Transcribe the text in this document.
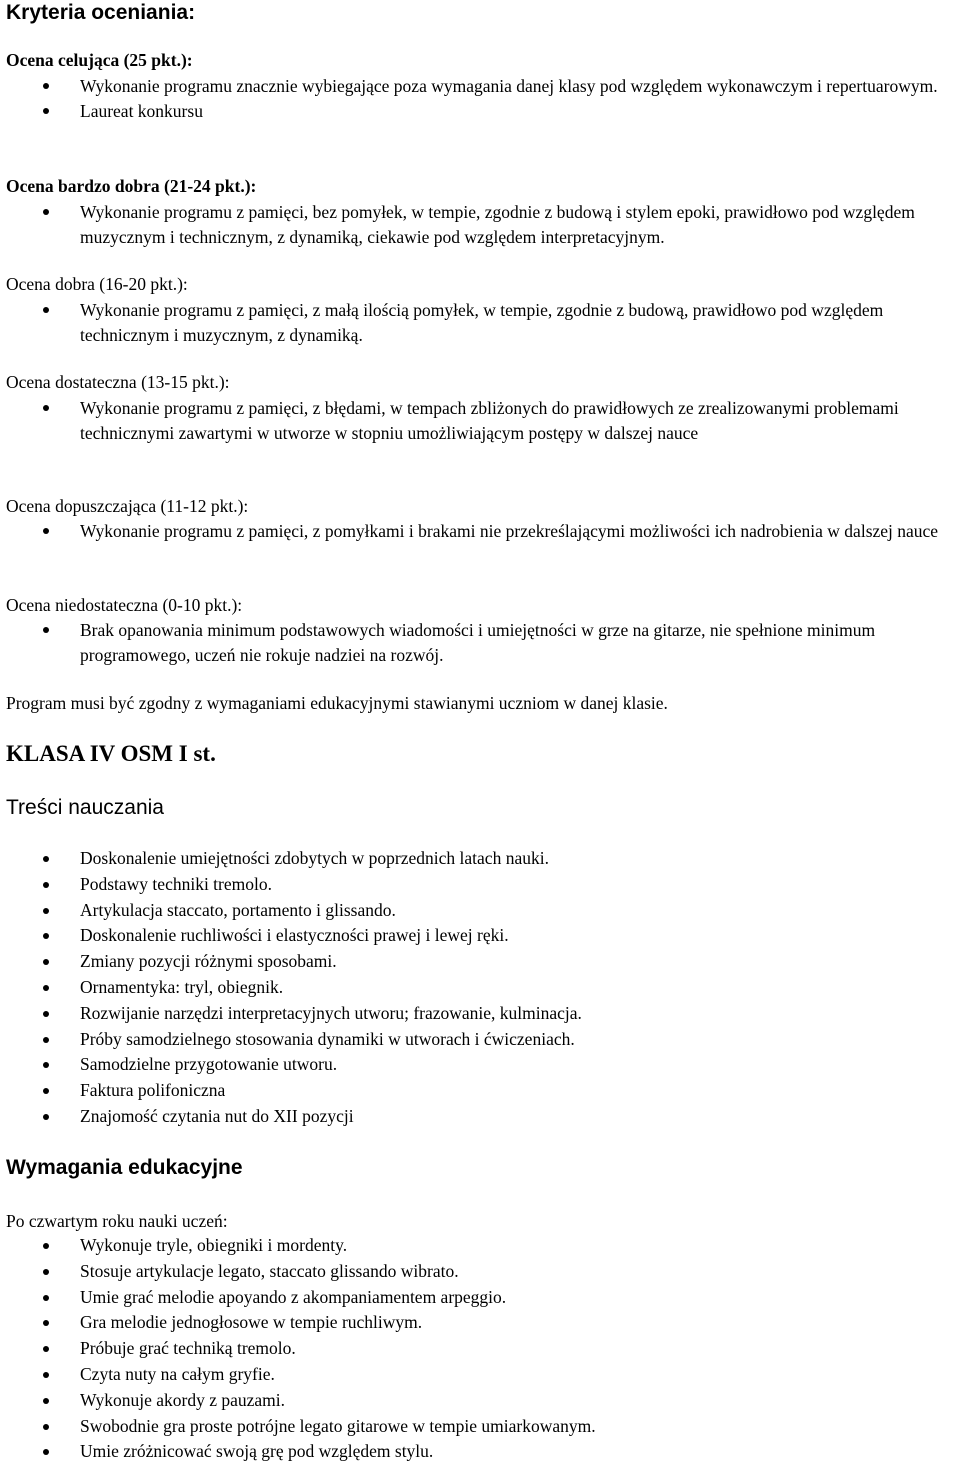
Kryteria oceniania:
Ocena celująca (25 pkt.):
Wykonanie programu znacznie wybiegające poza wymagania danej klasy pod względem wykonawczym i repertuarowym.
Laureat konkursu
Ocena bardzo dobra (21-24 pkt.):
Wykonanie programu z pamięci, bez pomyłek, w tempie, zgodnie z budową i stylem epoki, prawidłowo pod względem muzycznym i technicznym, z dynamiką, ciekawie pod względem interpretacyjnym.
Ocena dobra (16-20 pkt.):
Wykonanie programu z pamięci, z małą ilością pomyłek, w tempie, zgodnie z budową, prawidłowo pod względem technicznym i muzycznym, z dynamiką.
Ocena dostateczna (13-15 pkt.):
Wykonanie programu z pamięci, z błędami, w tempach zbliżonych do prawidłowych ze zrealizowanymi problemami technicznymi zawartymi w utworze w stopniu umożliwiającym postępy w dalszej nauce
Ocena dopuszczająca (11-12 pkt.):
Wykonanie programu z pamięci, z pomyłkami i brakami nie przekreślającymi możliwości ich nadrobienia w dalszej nauce
Ocena niedostateczna (0-10 pkt.):
Brak opanowania minimum podstawowych wiadomości i umiejętności w grze na gitarze, nie spełnione minimum programowego, uczeń nie rokuje nadziei na rozwój.
Program musi być zgodny z wymaganiami edukacyjnymi stawianymi uczniom w danej klasie.
KLASA IV OSM I st.
Treści nauczania
Doskonalenie umiejętności zdobytych w poprzednich latach nauki.
Podstawy techniki tremolo.
Artykulacja staccato, portamento i glissando.
Doskonalenie ruchliwości i elastyczności prawej i lewej ręki.
Zmiany pozycji różnymi sposobami.
Ornamentyka: tryl, obiegnik.
Rozwijanie narzędzi interpretacyjnych utworu; frazowanie, kulminacja.
Próby samodzielnego stosowania dynamiki w utworach i ćwiczeniach.
Samodzielne przygotowanie utworu.
Faktura polifoniczna
Znajomość czytania nut do XII pozycji
Wymagania edukacyjne
Po czwartym roku nauki uczeń:
Wykonuje tryle, obiegniki i mordenty.
Stosuje artykulacje legato, staccato glissando wibrato.
Umie grać melodie apoyando z akompaniamentem arpeggio.
Gra melodie jednogłosowe w tempie ruchliwym.
Próbuje grać techniką tremolo.
Czyta nuty na całym gryfie.
Wykonuje akordy z pauzami.
Swobodnie gra proste potrójne legato gitarowe w tempie umiarkowanym.
Umie zróżnicować swoją grę pod względem stylu.
